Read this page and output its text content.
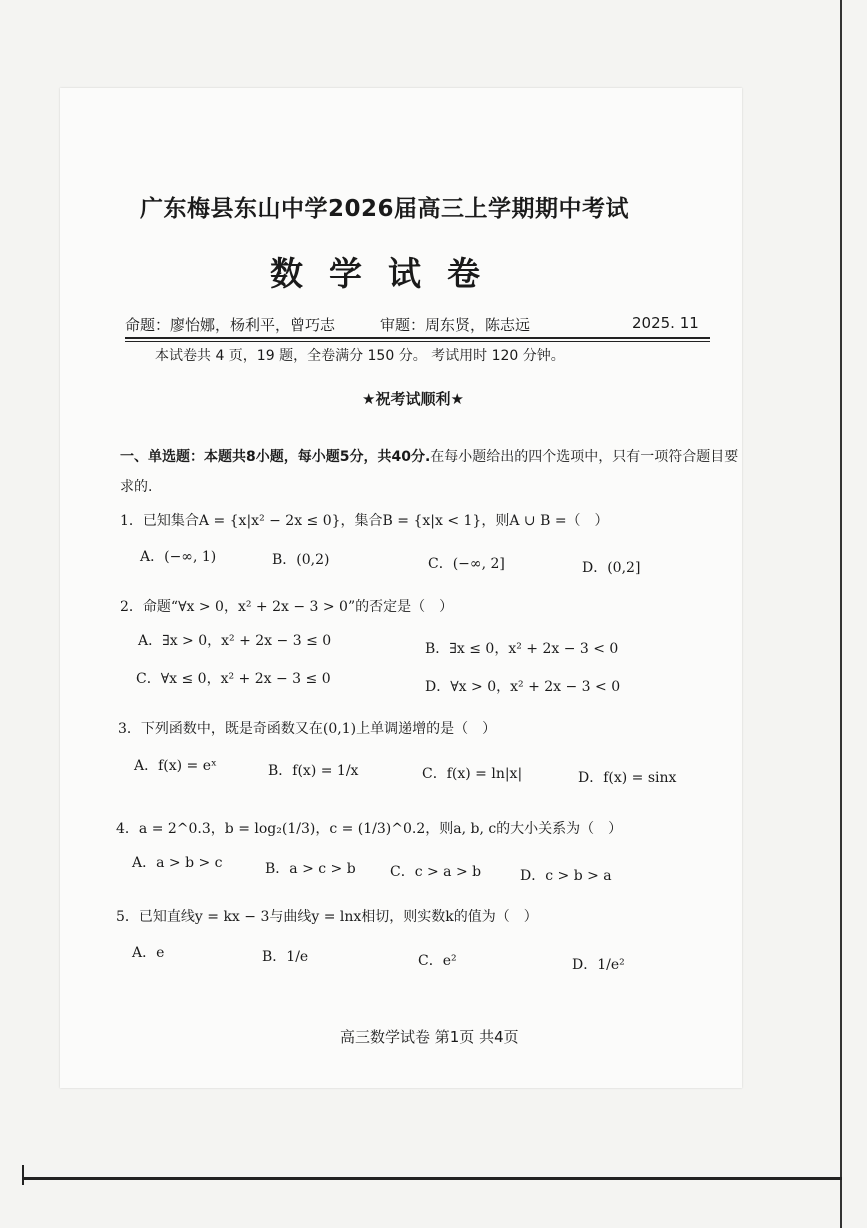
广东梅县东山中学2026届高三上学期期中考试
数学试卷
命题：廖怡娜，杨利平，曾巧志	审题：周东贤，陈志远	2025. 11
本试卷共 4 页，19 题，全卷满分 150 分。 考试用时 120 分钟。
★祝考试顺利★
一、单选题：本题共8小题，每小题5分，共40分.在每小题给出的四个选项中，只有一项符合题目要求的.
1．已知集合A = {x|x² − 2x ≤ 0}，集合B = {x|x < 1}，则A ∪ B =（　）
A．(−∞, 1)	B．(0,2)	C．(−∞, 2]	D．(0,2]
2．命题“∀x > 0，x² + 2x − 3 > 0”的否定是（　）
A．∃x > 0，x² + 2x − 3 ≤ 0	B．∃x ≤ 0，x² + 2x − 3 < 0
C．∀x ≤ 0，x² + 2x − 3 ≤ 0	D．∀x > 0，x² + 2x − 3 < 0
3．下列函数中，既是奇函数又在(0,1)上单调递增的是（　）
A．f(x) = eˣ	B．f(x) = 1/x	C．f(x) = ln|x|	D．f(x) = sinx
4．a = 2^0.3，b = log₂(1/3)，c = (1/3)^0.2，则a, b, c的大小关系为（　）
A．a > b > c	B．a > c > b C．c > a > b	D．c > b > a
5．已知直线y = kx − 3与曲线y = lnx相切，则实数k的值为（　）
A．e	B．1/e	C．e²	D．1/e²
高三数学试卷 第1页 共4页
